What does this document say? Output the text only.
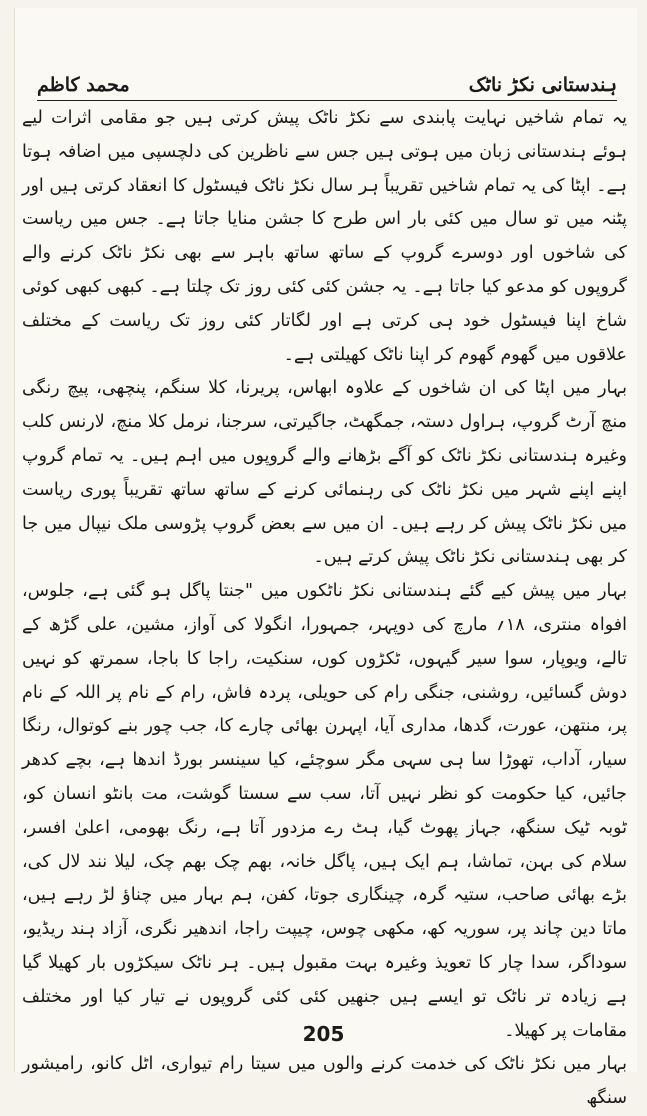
ہندستانی نکڑ ناٹک
محمد کاظم

یہ تمام شاخیں نہایت پابندی سے نکڑ ناٹک پیش کرتی ہیں جو مقامی اثرات لیے ہوئے ہندستانی زبان میں ہوتی ہیں جس سے ناظرین کی دلچسپی میں اضافہ ہوتا ہے۔ اپٹا کی یہ تمام شاخیں تقریباً ہر سال نکڑ ناٹک فیسٹول کا انعقاد کرتی ہیں اور پٹنہ میں تو سال میں کئی بار اس طرح کا جشن منایا جاتا ہے۔ جس میں ریاست کی شاخوں اور دوسرے گروپ کے ساتھ ساتھ باہر سے بھی نکڑ ناٹک کرنے والے گروپوں کو مدعو کیا جاتا ہے۔ یہ جشن کئی کئی روز تک چلتا ہے۔ کبھی کبھی کوئی شاخ اپنا فیسٹول خود ہی کرتی ہے اور لگاتار کئی روز تک ریاست کے مختلف علاقوں میں گھوم گھوم کر اپنا ناٹک کھیلتی ہے۔

بہار میں اپٹا کی ان شاخوں کے علاوہ ابھاس، پریرنا، کلا سنگم، پنچھی، پیچ رنگی منچ آرٹ گروپ، ہراول دستہ، جمگھٹ، جاگیرتی، سرجنا، نرمل کلا منچ، لارنس کلب وغیرہ ہندستانی نکڑ ناٹک کو آگے بڑھانے والے گروپوں میں اہم ہیں۔ یہ تمام گروپ اپنے اپنے شہر میں نکڑ ناٹک کی رہنمائی کرنے کے ساتھ ساتھ تقریباً پوری ریاست میں نکڑ ناٹک پیش کر رہے ہیں۔ ان میں سے بعض گروپ پڑوسی ملک نیپال میں جا کر بھی ہندستانی نکڑ ناٹک پیش کرتے ہیں۔

بہار میں پیش کیے گئے ہندستانی نکڑ ناٹکوں میں "جنتا پاگل ہو گئی ہے، جلوس، افواہ منتری، ۱۸؍ مارچ کی دوپہر، جمہورا، انگولا کی آواز، مشین، علی گڑھ کے تالے، ویوپار، سوا سیر گیہوں، ٹکڑوں کوں، سنکیت، راجا کا باجا، سمرتھ کو نہیں دوش گسائیں، روشنی، جنگی رام کی حویلی، پردہ فاش، رام کے نام پر اللہ کے نام پر، منتھن، عورت، گدھا، مداری آیا، اپہرن بھائی چارے کا، جب چور بنے کوتوال، رنگا سیار، آداب، تھوڑا سا ہی سہی مگر سوچئے، کیا سینسر بورڈ اندھا ہے، بچے کدھر جائیں، کیا حکومت کو نظر نہیں آتا، سب سے سستا گوشت، مت بانٹو انسان کو، ٹوبہ ٹیک سنگھ، جہاز پھوٹ گیا، ہٹ رے مزدور آتا ہے، رنگ بھومی، اعلیٰ افسر، سلام کی بہن، تماشا، ہم ایک ہیں، پاگل خانہ، بھم چک بھم چک، لیلا نند لال کی، بڑے بھائی صاحب، ستیہ گرہ، چینگاری جوتا، کفن، ہم بہار میں چناؤ لڑ رہے ہیں، ماتا دین چاند پر، سوریہ کھ، مکھی چوس، چیپت راجا، اندھیر نگری، آزاد ہند ریڈیو، سوداگر، سدا چار کا تعویذ وغیرہ بہت مقبول ہیں۔ ہر ناٹک سیکڑوں بار کھیلا گیا ہے زیادہ تر ناٹک تو ایسے ہیں جنھیں کئی کئی گروپوں نے تیار کیا اور مختلف مقامات پر کھیلا۔

بہار میں نکڑ ناٹک کی خدمت کرنے والوں میں سیتا رام تیواری، اٹل کانو، رامیشور سنگھ

205
